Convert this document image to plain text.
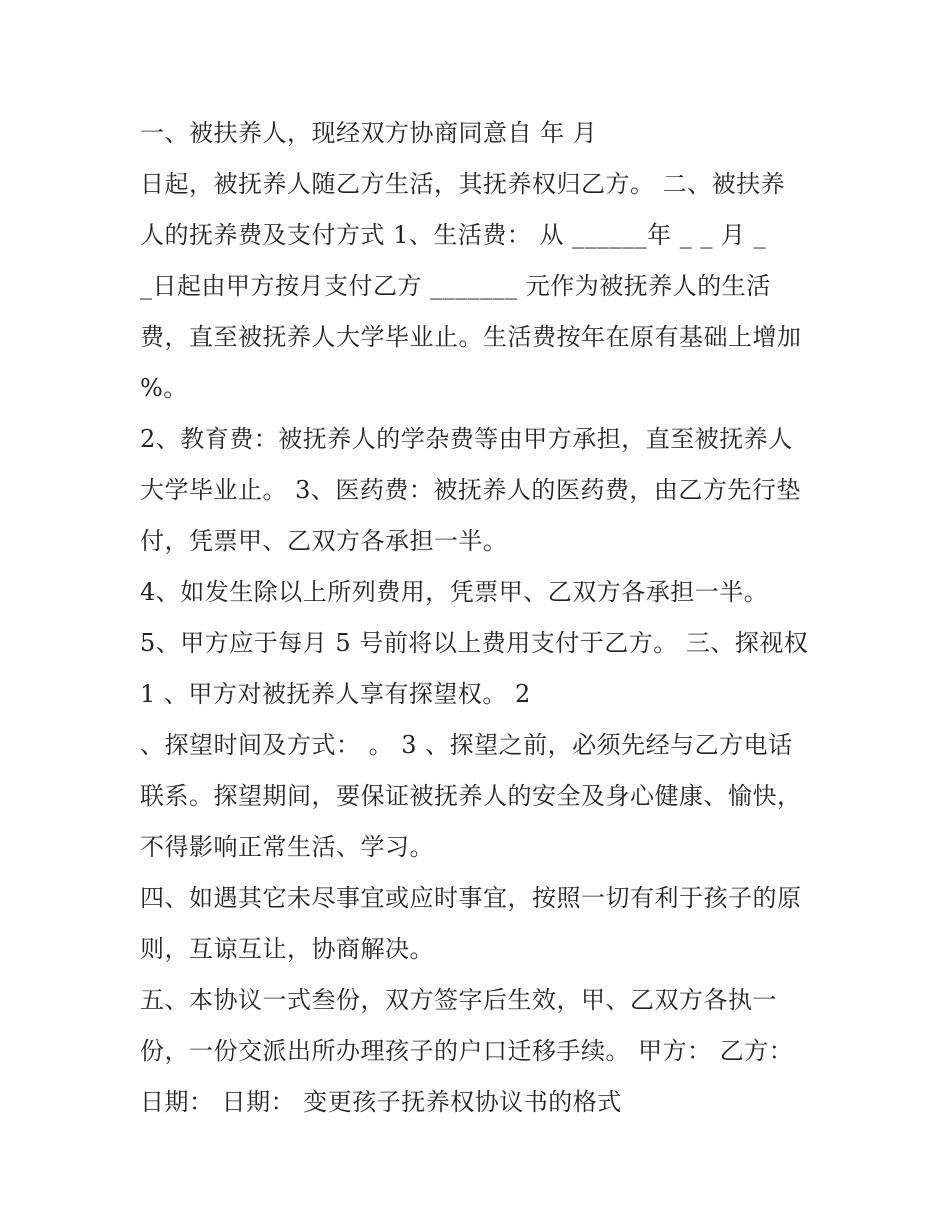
一、被扶养人，现经双方协商同意自 年 月
日起，被抚养人随乙方生活，其抚养权归乙方。 二、被扶养
人的抚养费及支付方式 1、生活费： 从 ______年 _ _ 月 _
_日起由甲方按月支付乙方 _______ 元作为被抚养人的生活
费，直至被抚养人大学毕业止。生活费按年在原有基础上增加
%。
2、教育费：被抚养人的学杂费等由甲方承担，直至被抚养人
大学毕业止。 3、医药费：被抚养人的医药费，由乙方先行垫
付，凭票甲、乙双方各承担一半。
4、如发生除以上所列费用，凭票甲、乙双方各承担一半。
5、甲方应于每月 5 号前将以上费用支付于乙方。 三、探视权
1 、甲方对被抚养人享有探望权。 2
、探望时间及方式： 。 3 、探望之前，必须先经与乙方电话
联系。探望期间，要保证被抚养人的安全及身心健康、愉快，
不得影响正常生活、学习。
四、如遇其它未尽事宜或应时事宜，按照一切有利于孩子的原
则，互谅互让，协商解决。
五、本协议一式叁份，双方签字后生效，甲、乙双方各执一
份，一份交派出所办理孩子的户口迁移手续。 甲方： 乙方：
日期： 日期： 变更孩子抚养权协议书的格式
